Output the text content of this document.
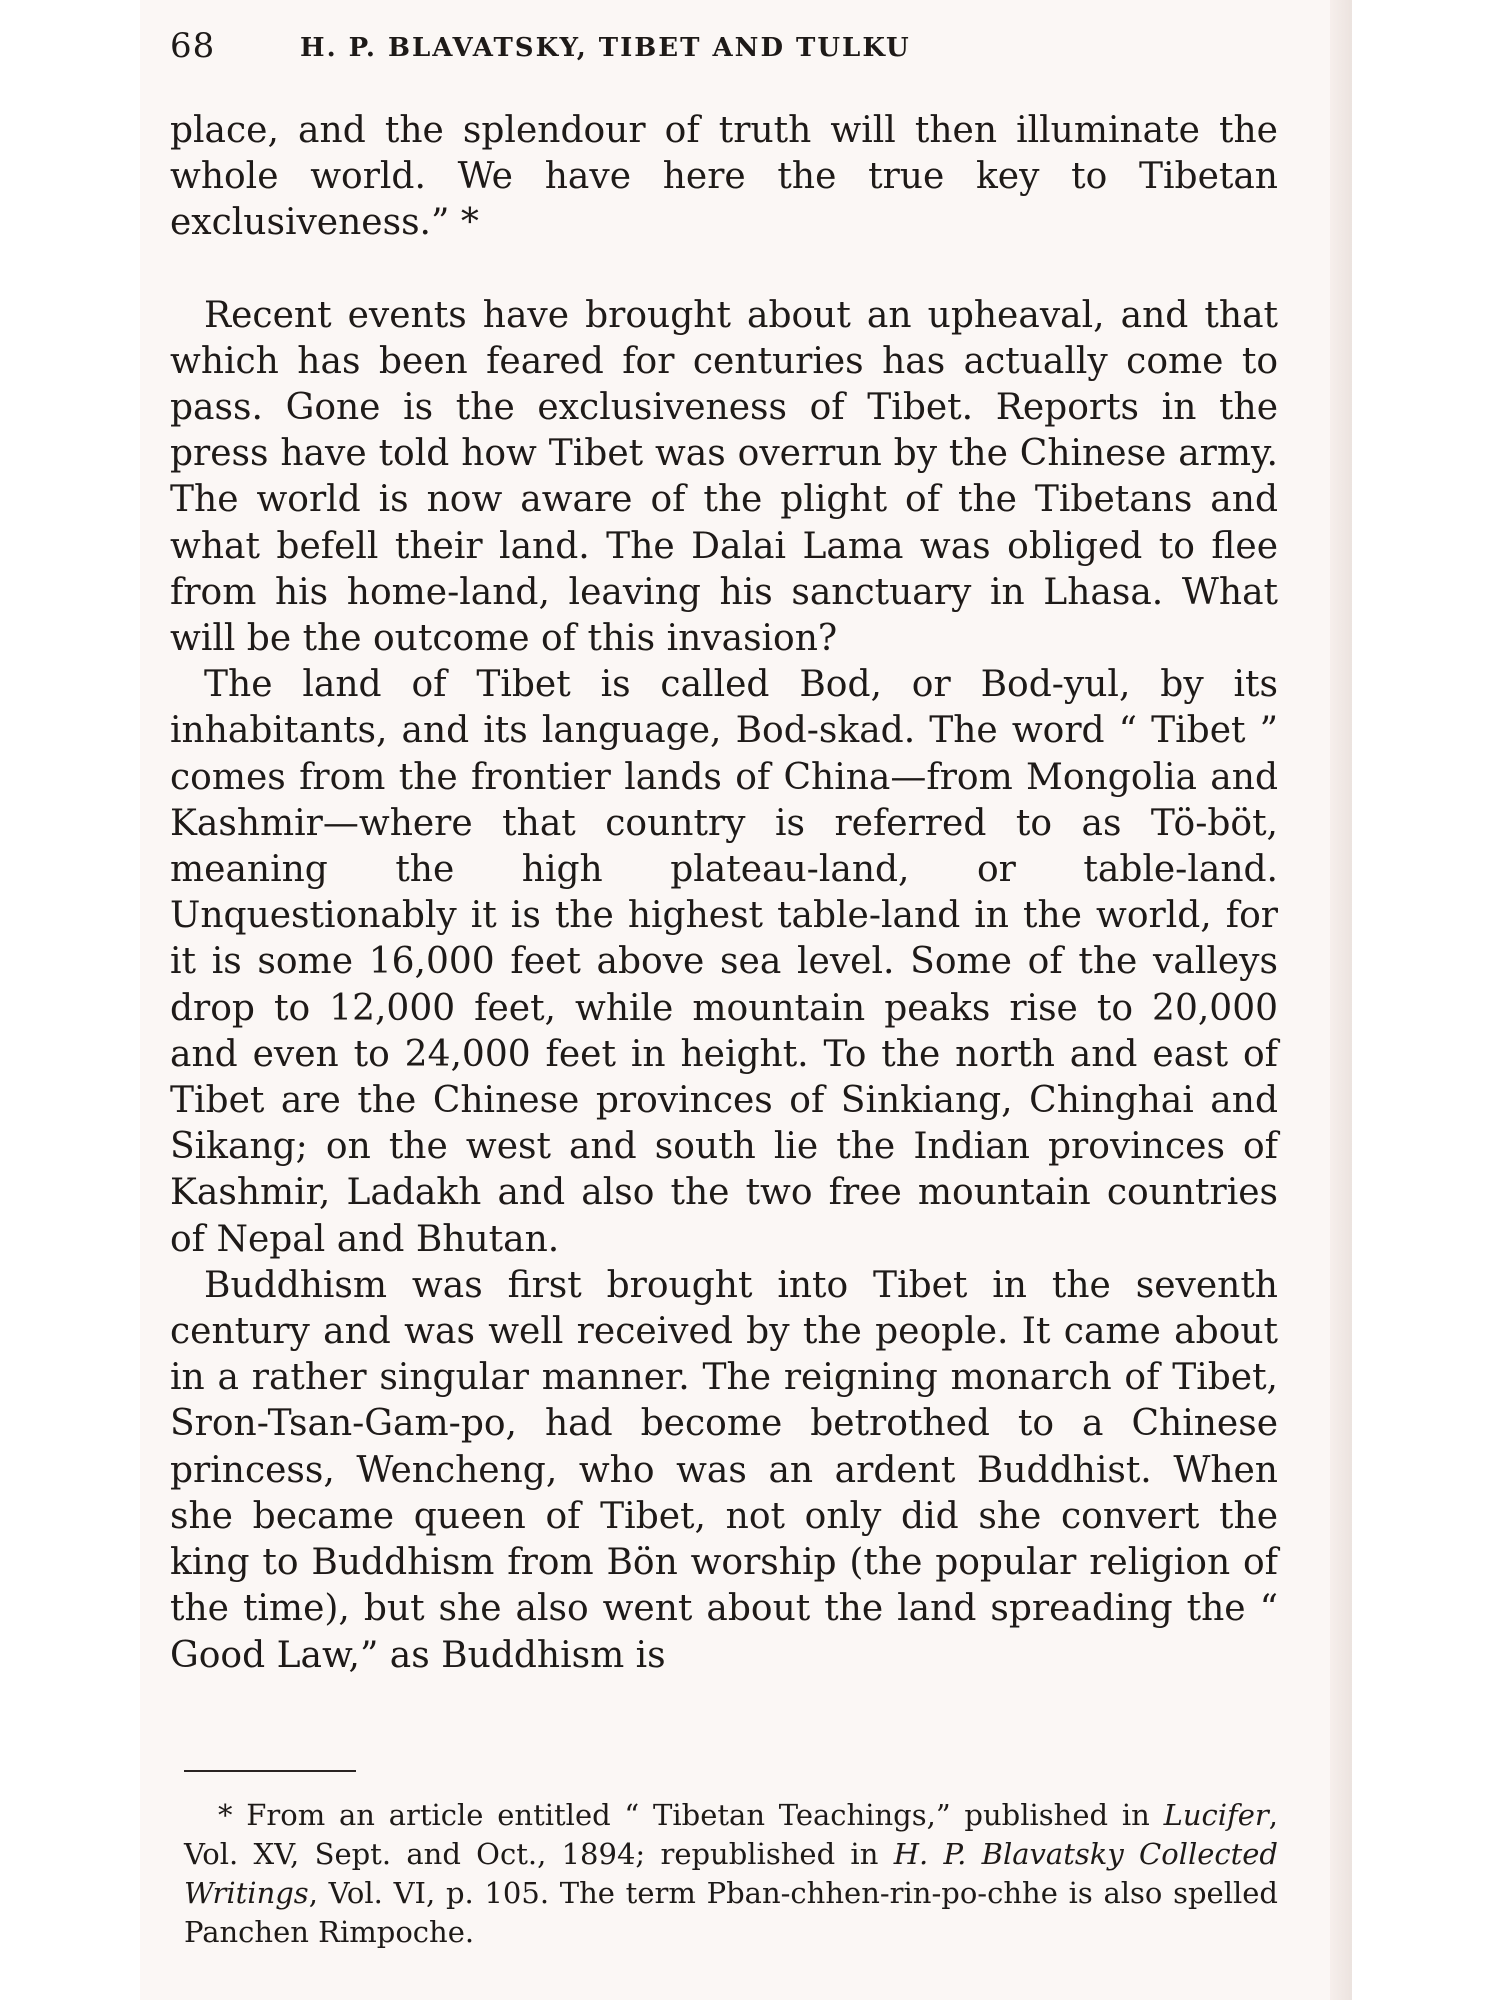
68	H. P. BLAVATSKY, TIBET AND TULKU

place, and the splendour of truth will then illuminate the whole world. We have here the true key to Tibetan exclusiveness.” *

Recent events have brought about an upheaval, and that which has been feared for centuries has actually come to pass. Gone is the exclusiveness of Tibet. Reports in the press have told how Tibet was overrun by the Chinese army. The world is now aware of the plight of the Tibetans and what befell their land. The Dalai Lama was obliged to flee from his home-land, leaving his sanctuary in Lhasa. What will be the outcome of this invasion?

The land of Tibet is called Bod, or Bod-yul, by its inhabitants, and its language, Bod-skad. The word “ Tibet ” comes from the frontier lands of China—from Mongolia and Kashmir—where that country is referred to as Tö-böt, meaning the high plateau-land, or table-land. Unquestionably it is the highest table-land in the world, for it is some 16,000 feet above sea level. Some of the valleys drop to 12,000 feet, while mountain peaks rise to 20,000 and even to 24,000 feet in height. To the north and east of Tibet are the Chinese provinces of Sinkiang, Chinghai and Sikang; on the west and south lie the Indian provinces of Kashmir, Ladakh and also the two free mountain countries of Nepal and Bhutan.

Buddhism was first brought into Tibet in the seventh century and was well received by the people. It came about in a rather singular manner. The reigning monarch of Tibet, Sron-Tsan-Gam-po, had become betrothed to a Chinese princess, Wencheng, who was an ardent Buddhist. When she became queen of Tibet, not only did she convert the king to Buddhism from Bön worship (the popular religion of the time), but she also went about the land spreading the “ Good Law,” as Buddhism is

* From an article entitled “ Tibetan Teachings,” published in Lucifer, Vol. XV, Sept. and Oct., 1894; republished in H. P. Blavatsky Collected Writings, Vol. VI, p. 105. The term Pban-chhen-rin-po-chhe is also spelled Panchen Rimpoche.
